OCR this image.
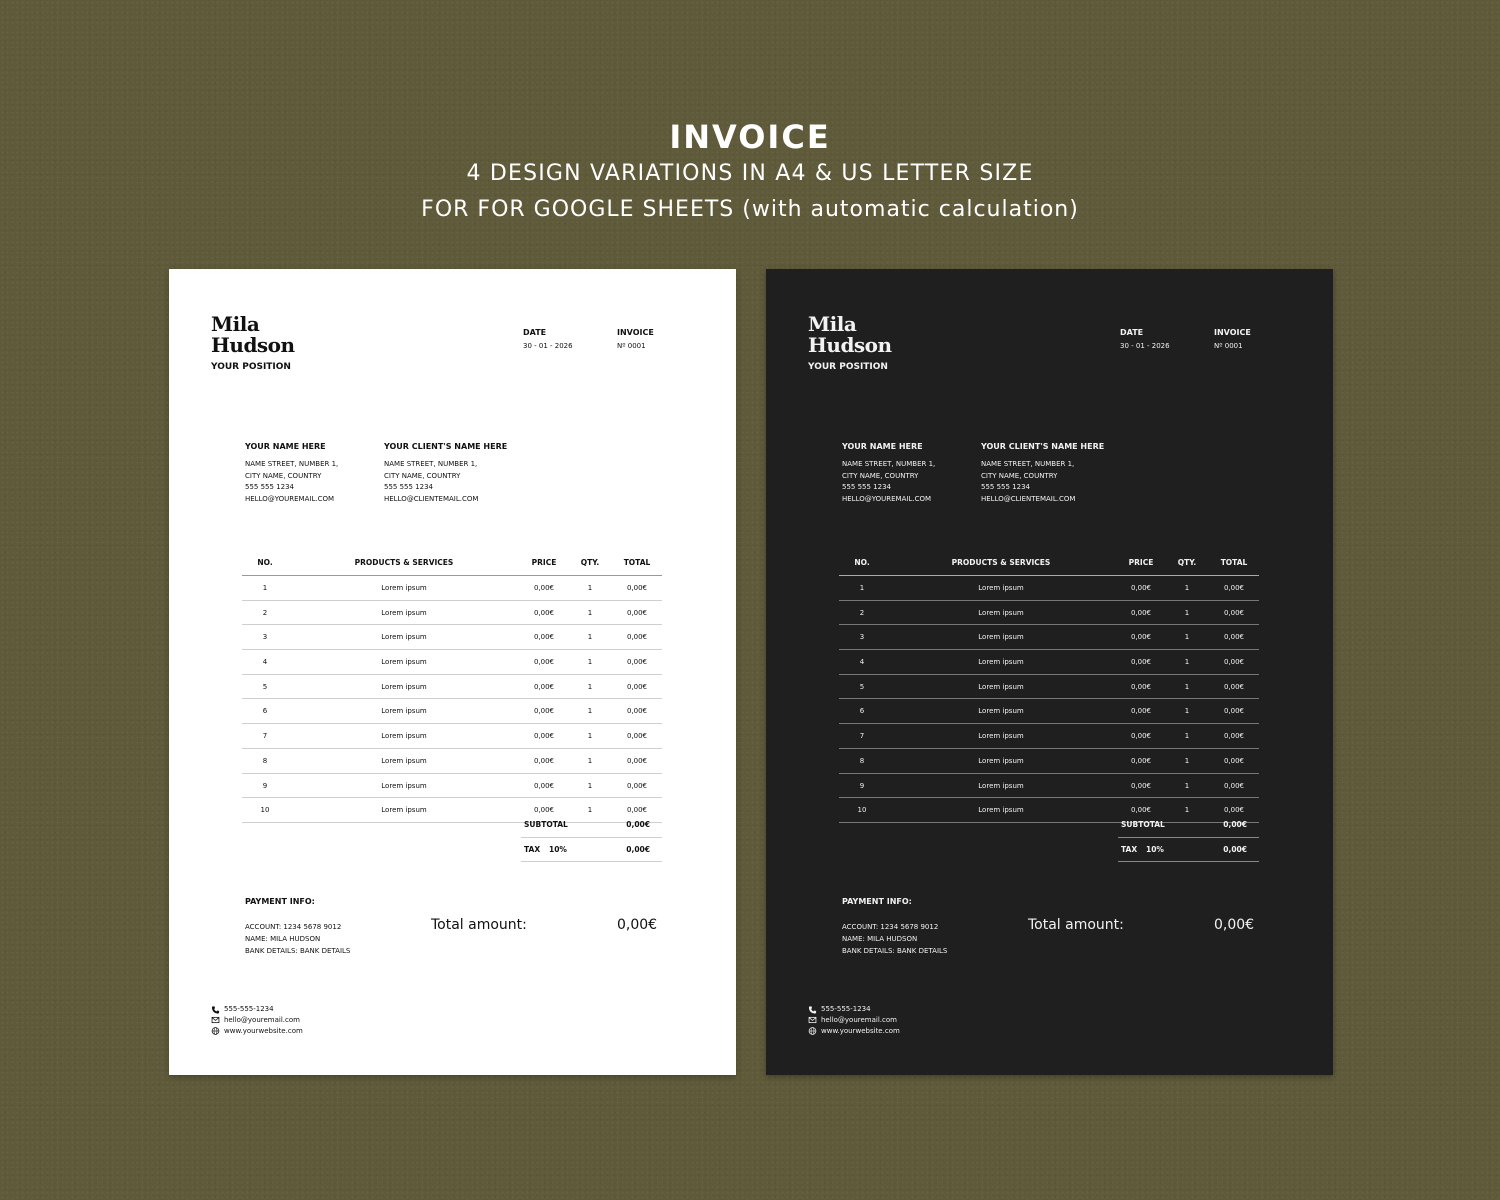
INVOICE
4 DESIGN VARIATIONS IN A4 & US LETTER SIZE
FOR FOR GOOGLE SHEETS (with automatic calculation)
Mila
Hudson
YOUR POSITION
DATE
30 - 01 - 2026
INVOICE
Nº 0001
YOUR NAME HERE
NAME STREET, NUMBER 1,
CITY NAME, COUNTRY
555 555 1234
HELLO@YOUREMAIL.COM
YOUR CLIENT'S NAME HERE
NAME STREET, NUMBER 1,
CITY NAME, COUNTRY
555 555 1234
HELLO@CLIENTEMAIL.COM
NO.	PRODUCTS & SERVICES	PRICE	QTY.	TOTAL
1	Lorem ipsum	0,00€	1	0,00€
2	Lorem ipsum	0,00€	1	0,00€
3	Lorem ipsum	0,00€	1	0,00€
4	Lorem ipsum	0,00€	1	0,00€
5	Lorem ipsum	0,00€	1	0,00€
6	Lorem ipsum	0,00€	1	0,00€
7	Lorem ipsum	0,00€	1	0,00€
8	Lorem ipsum	0,00€	1	0,00€
9	Lorem ipsum	0,00€	1	0,00€
10	Lorem ipsum	0,00€	1	0,00€
SUBTOTAL	0,00€
TAX 10%	0,00€
PAYMENT INFO:
ACCOUNT: 1234 5678 9012
NAME: MILA HUDSON
BANK DETAILS: BANK DETAILS
Total amount:	0,00€
555-555-1234
hello@youremail.com
www.yourwebsite.com
Mila
Hudson
YOUR POSITION
DATE
30 - 01 - 2026
INVOICE
Nº 0001
YOUR NAME HERE
NAME STREET, NUMBER 1,
CITY NAME, COUNTRY
555 555 1234
HELLO@YOUREMAIL.COM
YOUR CLIENT'S NAME HERE
NAME STREET, NUMBER 1,
CITY NAME, COUNTRY
555 555 1234
HELLO@CLIENTEMAIL.COM
NO.	PRODUCTS & SERVICES	PRICE	QTY.	TOTAL
1	Lorem ipsum	0,00€	1	0,00€
2	Lorem ipsum	0,00€	1	0,00€
3	Lorem ipsum	0,00€	1	0,00€
4	Lorem ipsum	0,00€	1	0,00€
5	Lorem ipsum	0,00€	1	0,00€
6	Lorem ipsum	0,00€	1	0,00€
7	Lorem ipsum	0,00€	1	0,00€
8	Lorem ipsum	0,00€	1	0,00€
9	Lorem ipsum	0,00€	1	0,00€
10	Lorem ipsum	0,00€	1	0,00€
SUBTOTAL	0,00€
TAX 10%	0,00€
PAYMENT INFO:
ACCOUNT: 1234 5678 9012
NAME: MILA HUDSON
BANK DETAILS: BANK DETAILS
Total amount:	0,00€
555-555-1234
hello@youremail.com
www.yourwebsite.com
